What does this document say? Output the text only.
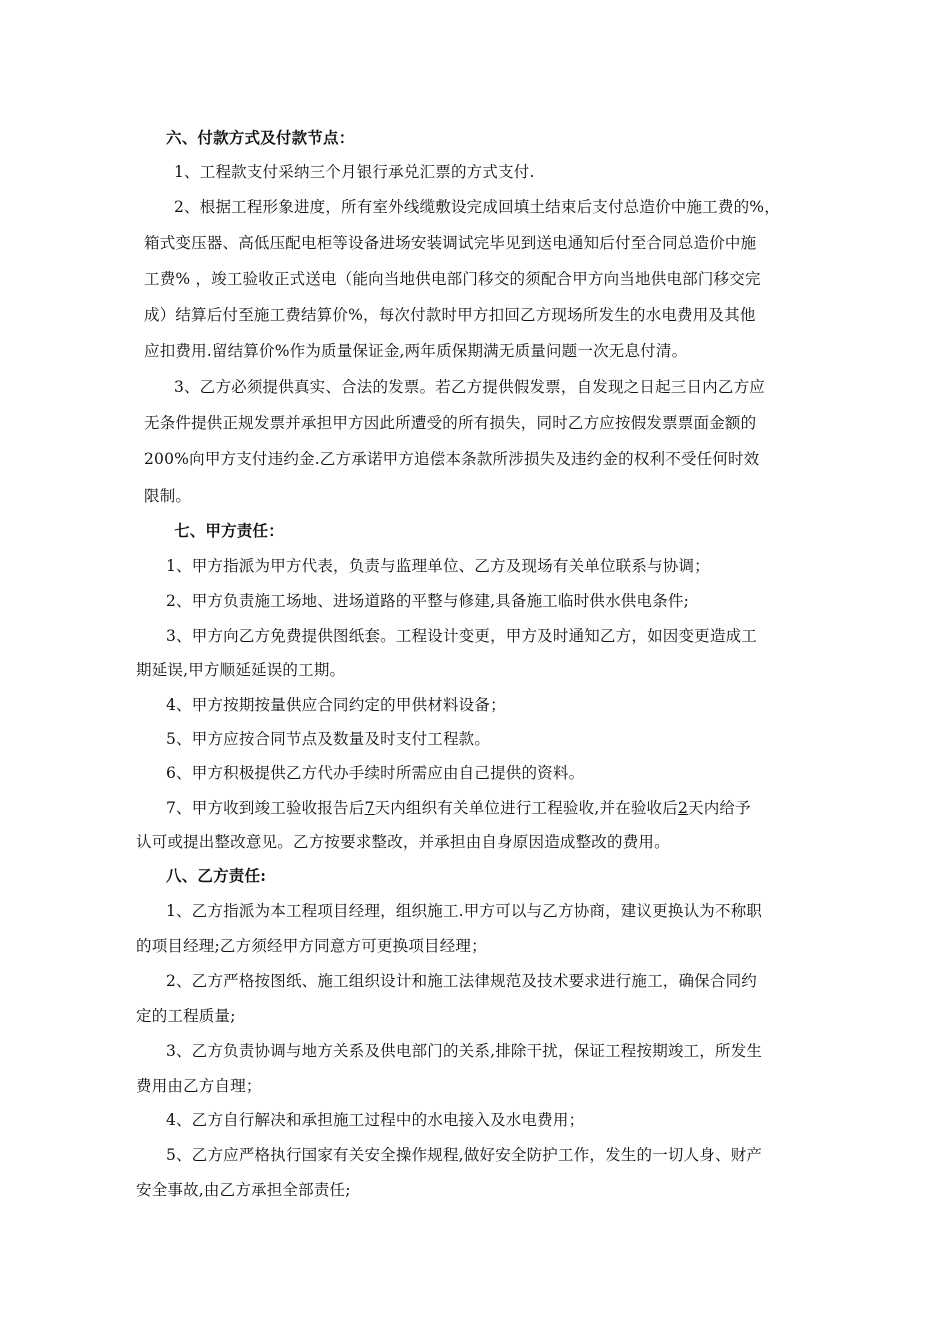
六、付款方式及付款节点：
1、工程款支付采纳三个月银行承兑汇票的方式支付.
2、根据工程形象进度，所有室外线缆敷设完成回填土结束后支付总造价中施工费的%，
箱式变压器、高低压配电柜等设备进场安装调试完毕见到送电通知后付至合同总造价中施
工费% ，竣工验收正式送电（能向当地供电部门移交的须配合甲方向当地供电部门移交完
成）结算后付至施工费结算价%，每次付款时甲方扣回乙方现场所发生的水电费用及其他
应扣费用.留结算价%作为质量保证金,两年质保期满无质量问题一次无息付清。
3、乙方必须提供真实、合法的发票。若乙方提供假发票，自发现之日起三日内乙方应
无条件提供正规发票并承担甲方因此所遭受的所有损失，同时乙方应按假发票票面金额的
200%向甲方支付违约金.乙方承诺甲方追偿本条款所涉损失及违约金的权利不受任何时效
限制。
七、甲方责任：
1、甲方指派为甲方代表，负责与监理单位、乙方及现场有关单位联系与协调；
2、甲方负责施工场地、进场道路的平整与修建,具备施工临时供水供电条件;
3、甲方向乙方免费提供图纸套。工程设计变更，甲方及时通知乙方，如因变更造成工
期延误,甲方顺延延误的工期。
4、甲方按期按量供应合同约定的甲供材料设备；
5、甲方应按合同节点及数量及时支付工程款。
6、甲方积极提供乙方代办手续时所需应由自己提供的资料。
7、甲方收到竣工验收报告后7天内组织有关单位进行工程验收,并在验收后2天内给予
认可或提出整改意见。乙方按要求整改，并承担由自身原因造成整改的费用。
八、乙方责任:
1、乙方指派为本工程项目经理，组织施工.甲方可以与乙方协商，建议更换认为不称职
的项目经理;乙方须经甲方同意方可更换项目经理；
2、乙方严格按图纸、施工组织设计和施工法律规范及技术要求进行施工，确保合同约
定的工程质量;
3、乙方负责协调与地方关系及供电部门的关系,排除干扰，保证工程按期竣工，所发生
费用由乙方自理；
4、乙方自行解决和承担施工过程中的水电接入及水电费用；
5、乙方应严格执行国家有关安全操作规程,做好安全防护工作，发生的一切人身、财产
安全事故,由乙方承担全部责任;
